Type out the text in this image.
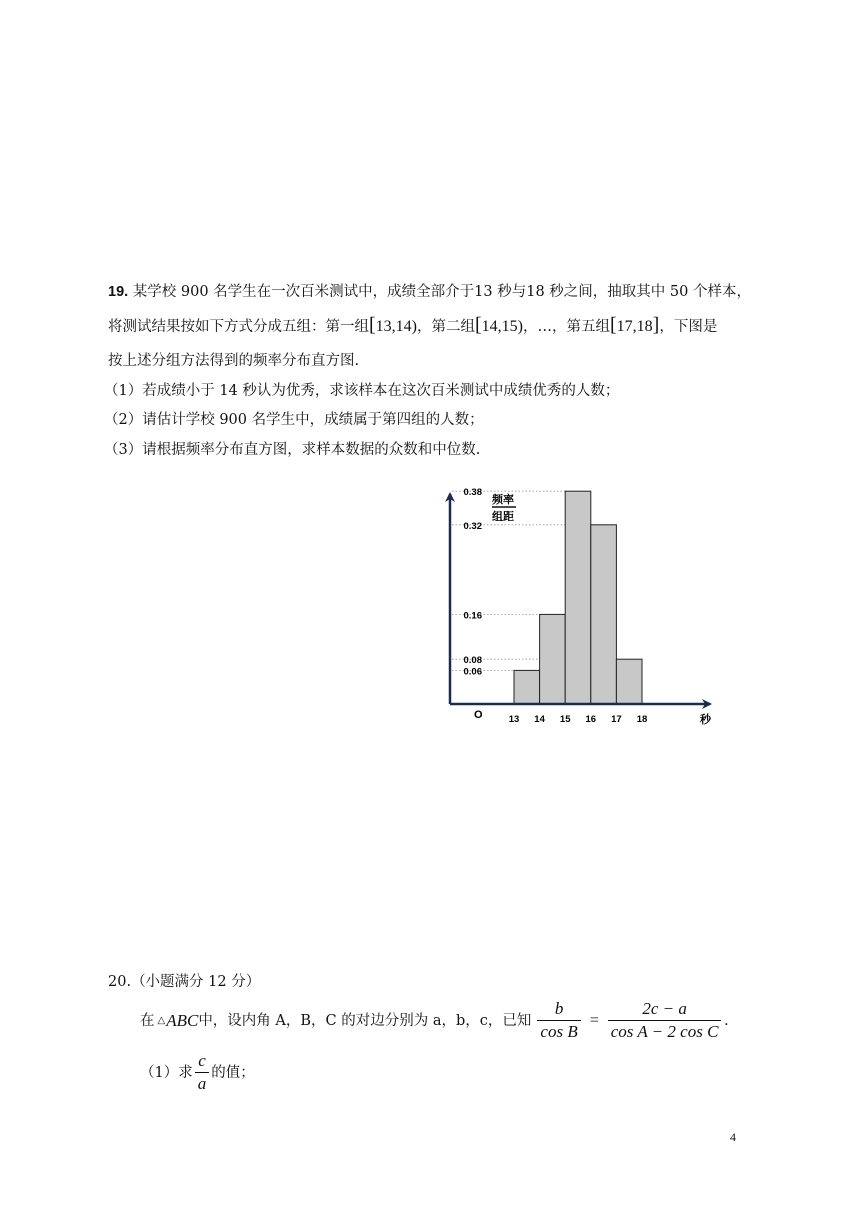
19. 某学校 900 名学生在一次百米测试中，成绩全部介于13 秒与18 秒之间，抽取其中 50 个样本，
将测试结果按如下方式分成五组：第一组[13,14)，第二组[14,15)，…，第五组[17,18]，下图是
按上述分组方法得到的频率分布直方图.
（1）若成绩小于 14 秒认为优秀，求该样本在这次百米测试中成绩优秀的人数；
（2）请估计学校 900 名学生中，成绩属于第四组的人数；
（3）请根据频率分布直方图，求样本数据的众数和中位数.
频率
组距
O	秒
0.38
0.32
0.16
0.08
0.06
13 14 15 16 17 18
20.（小题满分 12 分）
在 △ ABC 中，设内角 A，B，C 的对边分别为 a，b，c，已知 $\frac{b}{\text{cos B}} = \frac{2c - a}{\text{cos A − 2 cos C}}$ .
（1）求 $\frac{c}{a}$ 的值；
4
